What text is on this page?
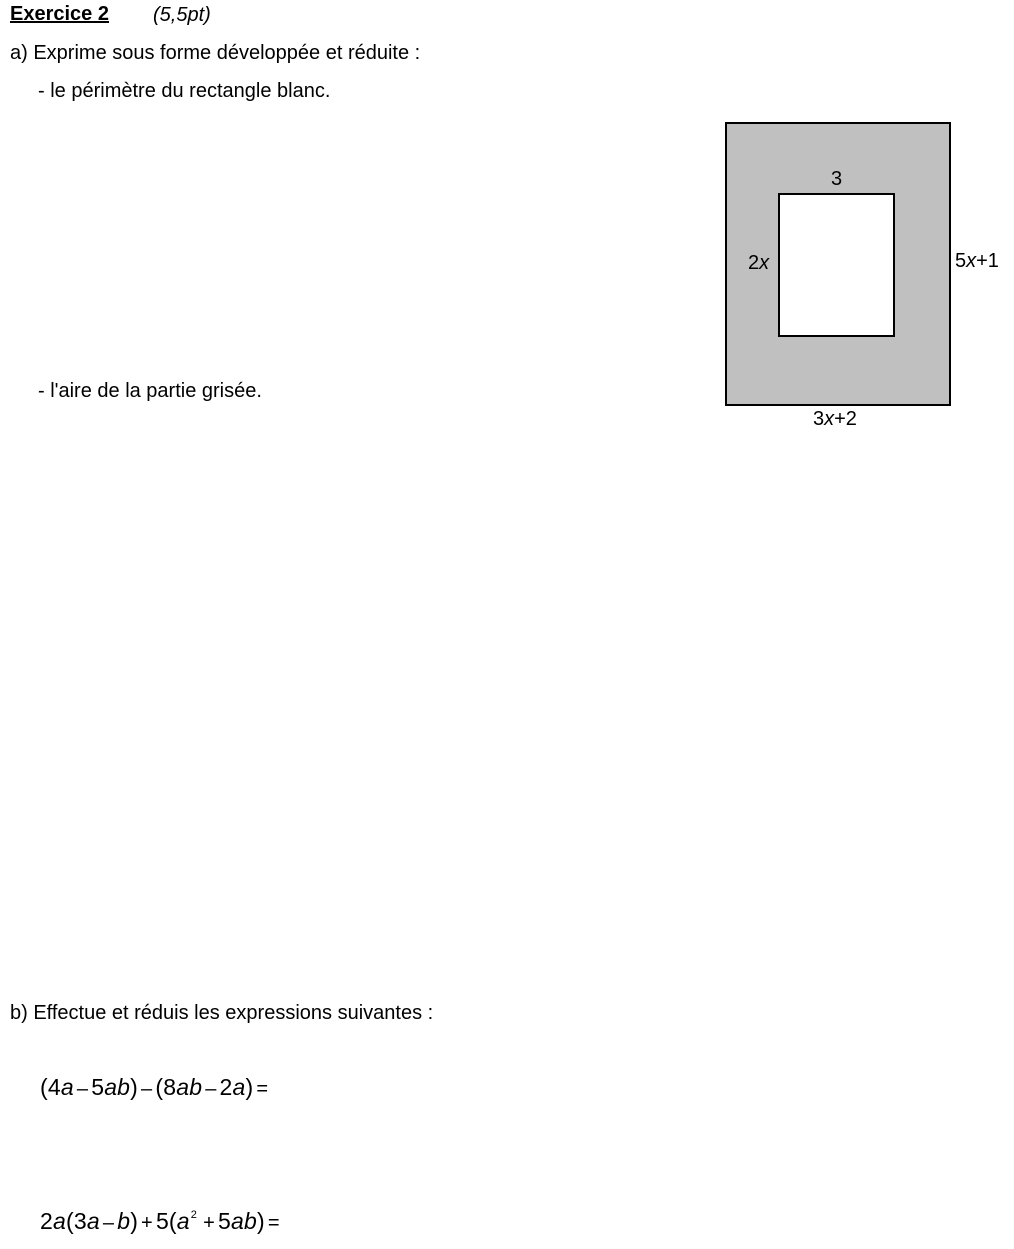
Exercice 2 (5,5pt)
a) Exprime sous forme développée et réduite :
- le périmètre du rectangle blanc.
- l'aire de la partie grisée.
3
2x	5x+1
3x+2
b) Effectue et réduis les expressions suivantes :
(4a – 5ab) – (8ab – 2a) =
$2a(3a - b) + 5(a^2 + 5ab)$ =
